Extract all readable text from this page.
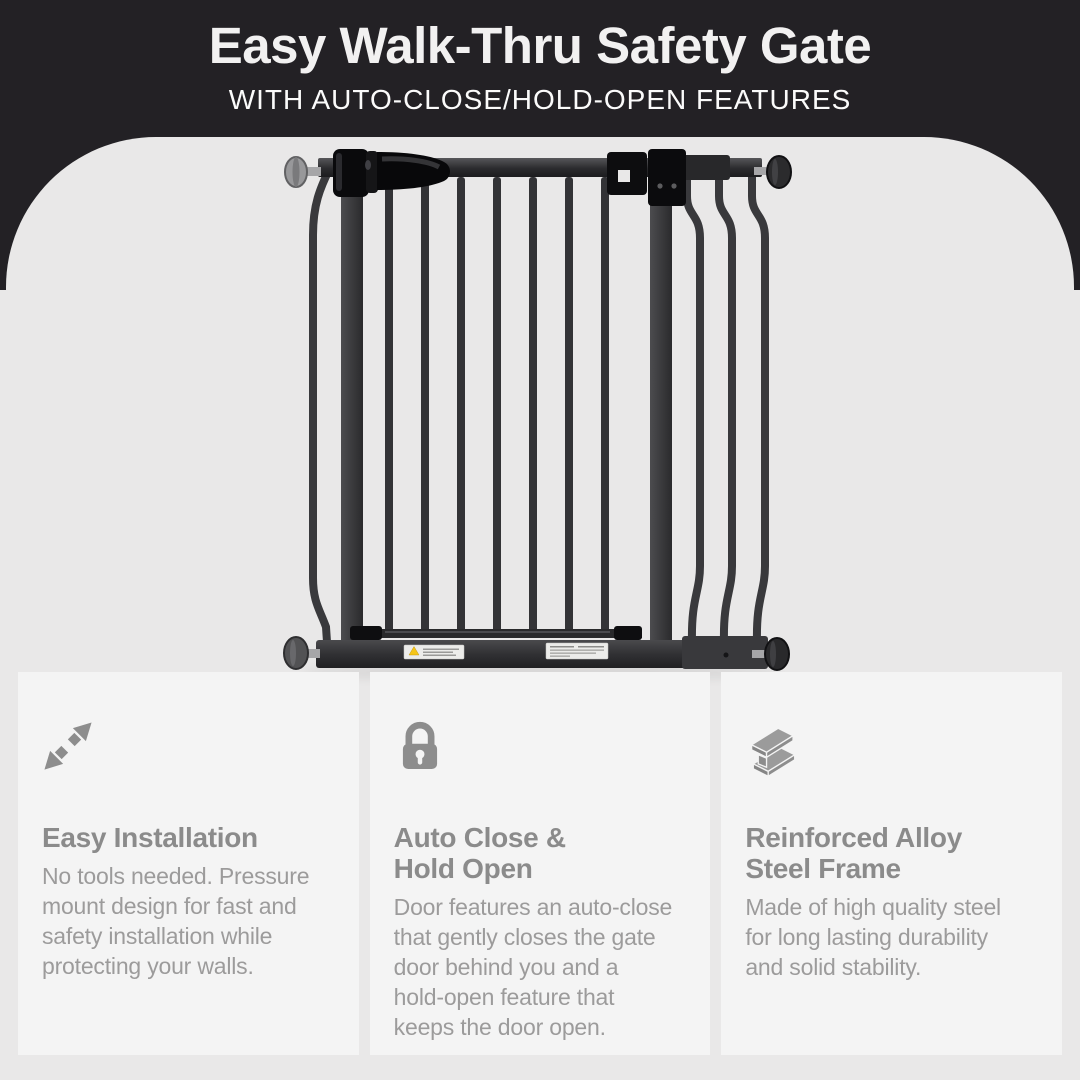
Easy Walk-Thru Safety Gate
WITH AUTO-CLOSE/HOLD-OPEN FEATURES
Easy Installation
No tools needed. Pressure
mount design for fast and
safety installation while
protecting your walls.
Auto Close &
Hold Open
Door features an auto-close
that gently closes the gate
door behind you and a
hold-open feature that
keeps the door open.
Reinforced Alloy
Steel Frame
Made of high quality steel
for long lasting durability
and solid stability.
